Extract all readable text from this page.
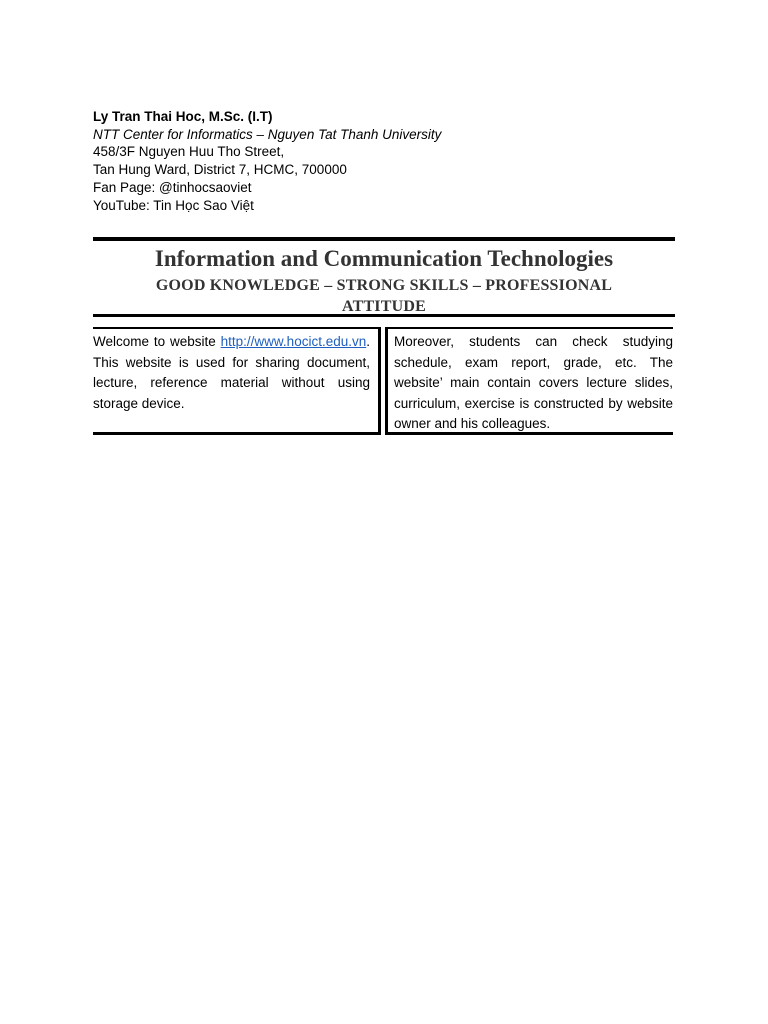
Ly Tran Thai Hoc, M.Sc. (I.T)
NTT Center for Informatics – Nguyen Tat Thanh University
458/3F Nguyen Huu Tho Street,
Tan Hung Ward, District 7, HCMC, 700000
Fan Page: @tinhocsaoviet
YouTube: Tin Học Sao Việt
Information and Communication Technologies
GOOD KNOWLEDGE – STRONG SKILLS – PROFESSIONAL ATTITUDE
Welcome to website http://www.hocict.edu.vn. This website is used for sharing document, lecture, reference material without using storage device.
Moreover, students can check studying schedule, exam report, grade, etc. The website’ main contain covers lecture slides, curriculum, exercise is constructed by website owner and his colleagues.
